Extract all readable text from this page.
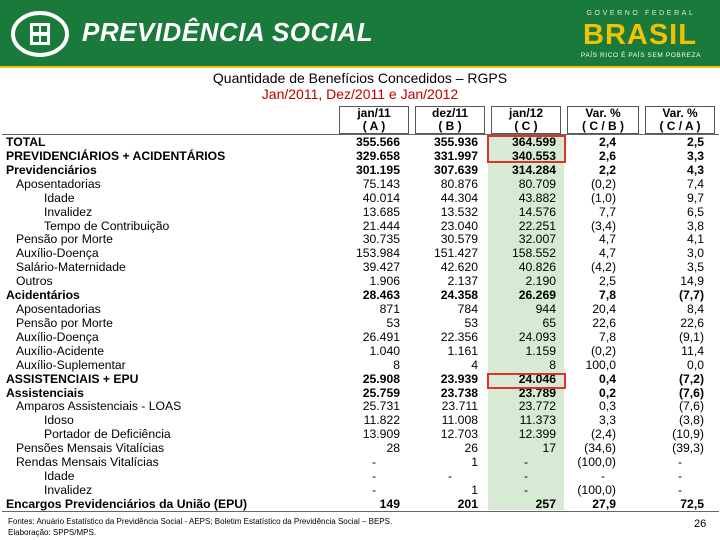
PREVIDÊNCIA SOCIAL
GOVERNO FEDERAL
BRASIL
PAÍS RICO É PAÍS SEM POBREZA
Quantidade de Benefícios Concedidos – RGPS
Jan/2011, Dez/2011 e Jan/2012
jan/11
( A )
dez/11
( B )
jan/12
( C )
Var. %
( C / B )
Var. %
( C / A )
TOTAL	355.566	355.936	364.599	2,4	2,5
PREVIDENCIÁRIOS + ACIDENTÁRIOS	329.658	331.997	340.553	2,6	3,3
Previdenciários	301.195	307.639	314.284	2,2	4,3
Aposentadorias	75.143	80.876	80.709	(0,2)	7,4
Idade	40.014	44.304	43.882	(1,0)	9,7
Invalidez	13.685	13.532	14.576	7,7	6,5
Tempo de Contribuição	21.444	23.040	22.251	(3,4)	3,8
Pensão por Morte	30.735	30.579	32.007	4,7	4,1
Auxílio-Doença	153.984	151.427	158.552	4,7	3,0
Salário-Maternidade	39.427	42.620	40.826	(4,2)	3,5
Outros	1.906	2.137	2.190	2,5	14,9
Acidentários	28.463	24.358	26.269	7,8	(7,7)
Aposentadorias	871	784	944	20,4	8,4
Pensão por Morte	53	53	65	22,6	22,6
Auxílio-Doença	26.491	22.356	24.093	7,8	(9,1)
Auxílio-Acidente	1.040	1.161	1.159	(0,2)	11,4
Auxílio-Suplementar	8	4	8	100,0	0,0
ASSISTENCIAIS + EPU	25.908	23.939	24.046	0,4	(7,2)
Assistenciais	25.759	23.738	23.789	0,2	(7,6)
Amparos Assistenciais - LOAS	25.731	23.711	23.772	0,3	(7,6)
Idoso	11.822	11.008	11.373	3,3	(3,8)
Portador de Deficiência	13.909	12.703	12.399	(2,4)	(10,9)
Pensões Mensais Vitalícias	28	26	17	(34,6)	(39,3)
Rendas Mensais Vitalícias	-	1	-	(100,0)	-
Idade	-	-	-	-	-
Invalidez	-	1	-	(100,0)	-
Encargos Previdenciários da União (EPU)	149	201	257	27,9	72,5
Fontes: Anuário Estatístico da Previdência Social - AEPS; Boletim Estatístico da Previdência Social – BEPS.
Elaboração: SPPS/MPS.
26
